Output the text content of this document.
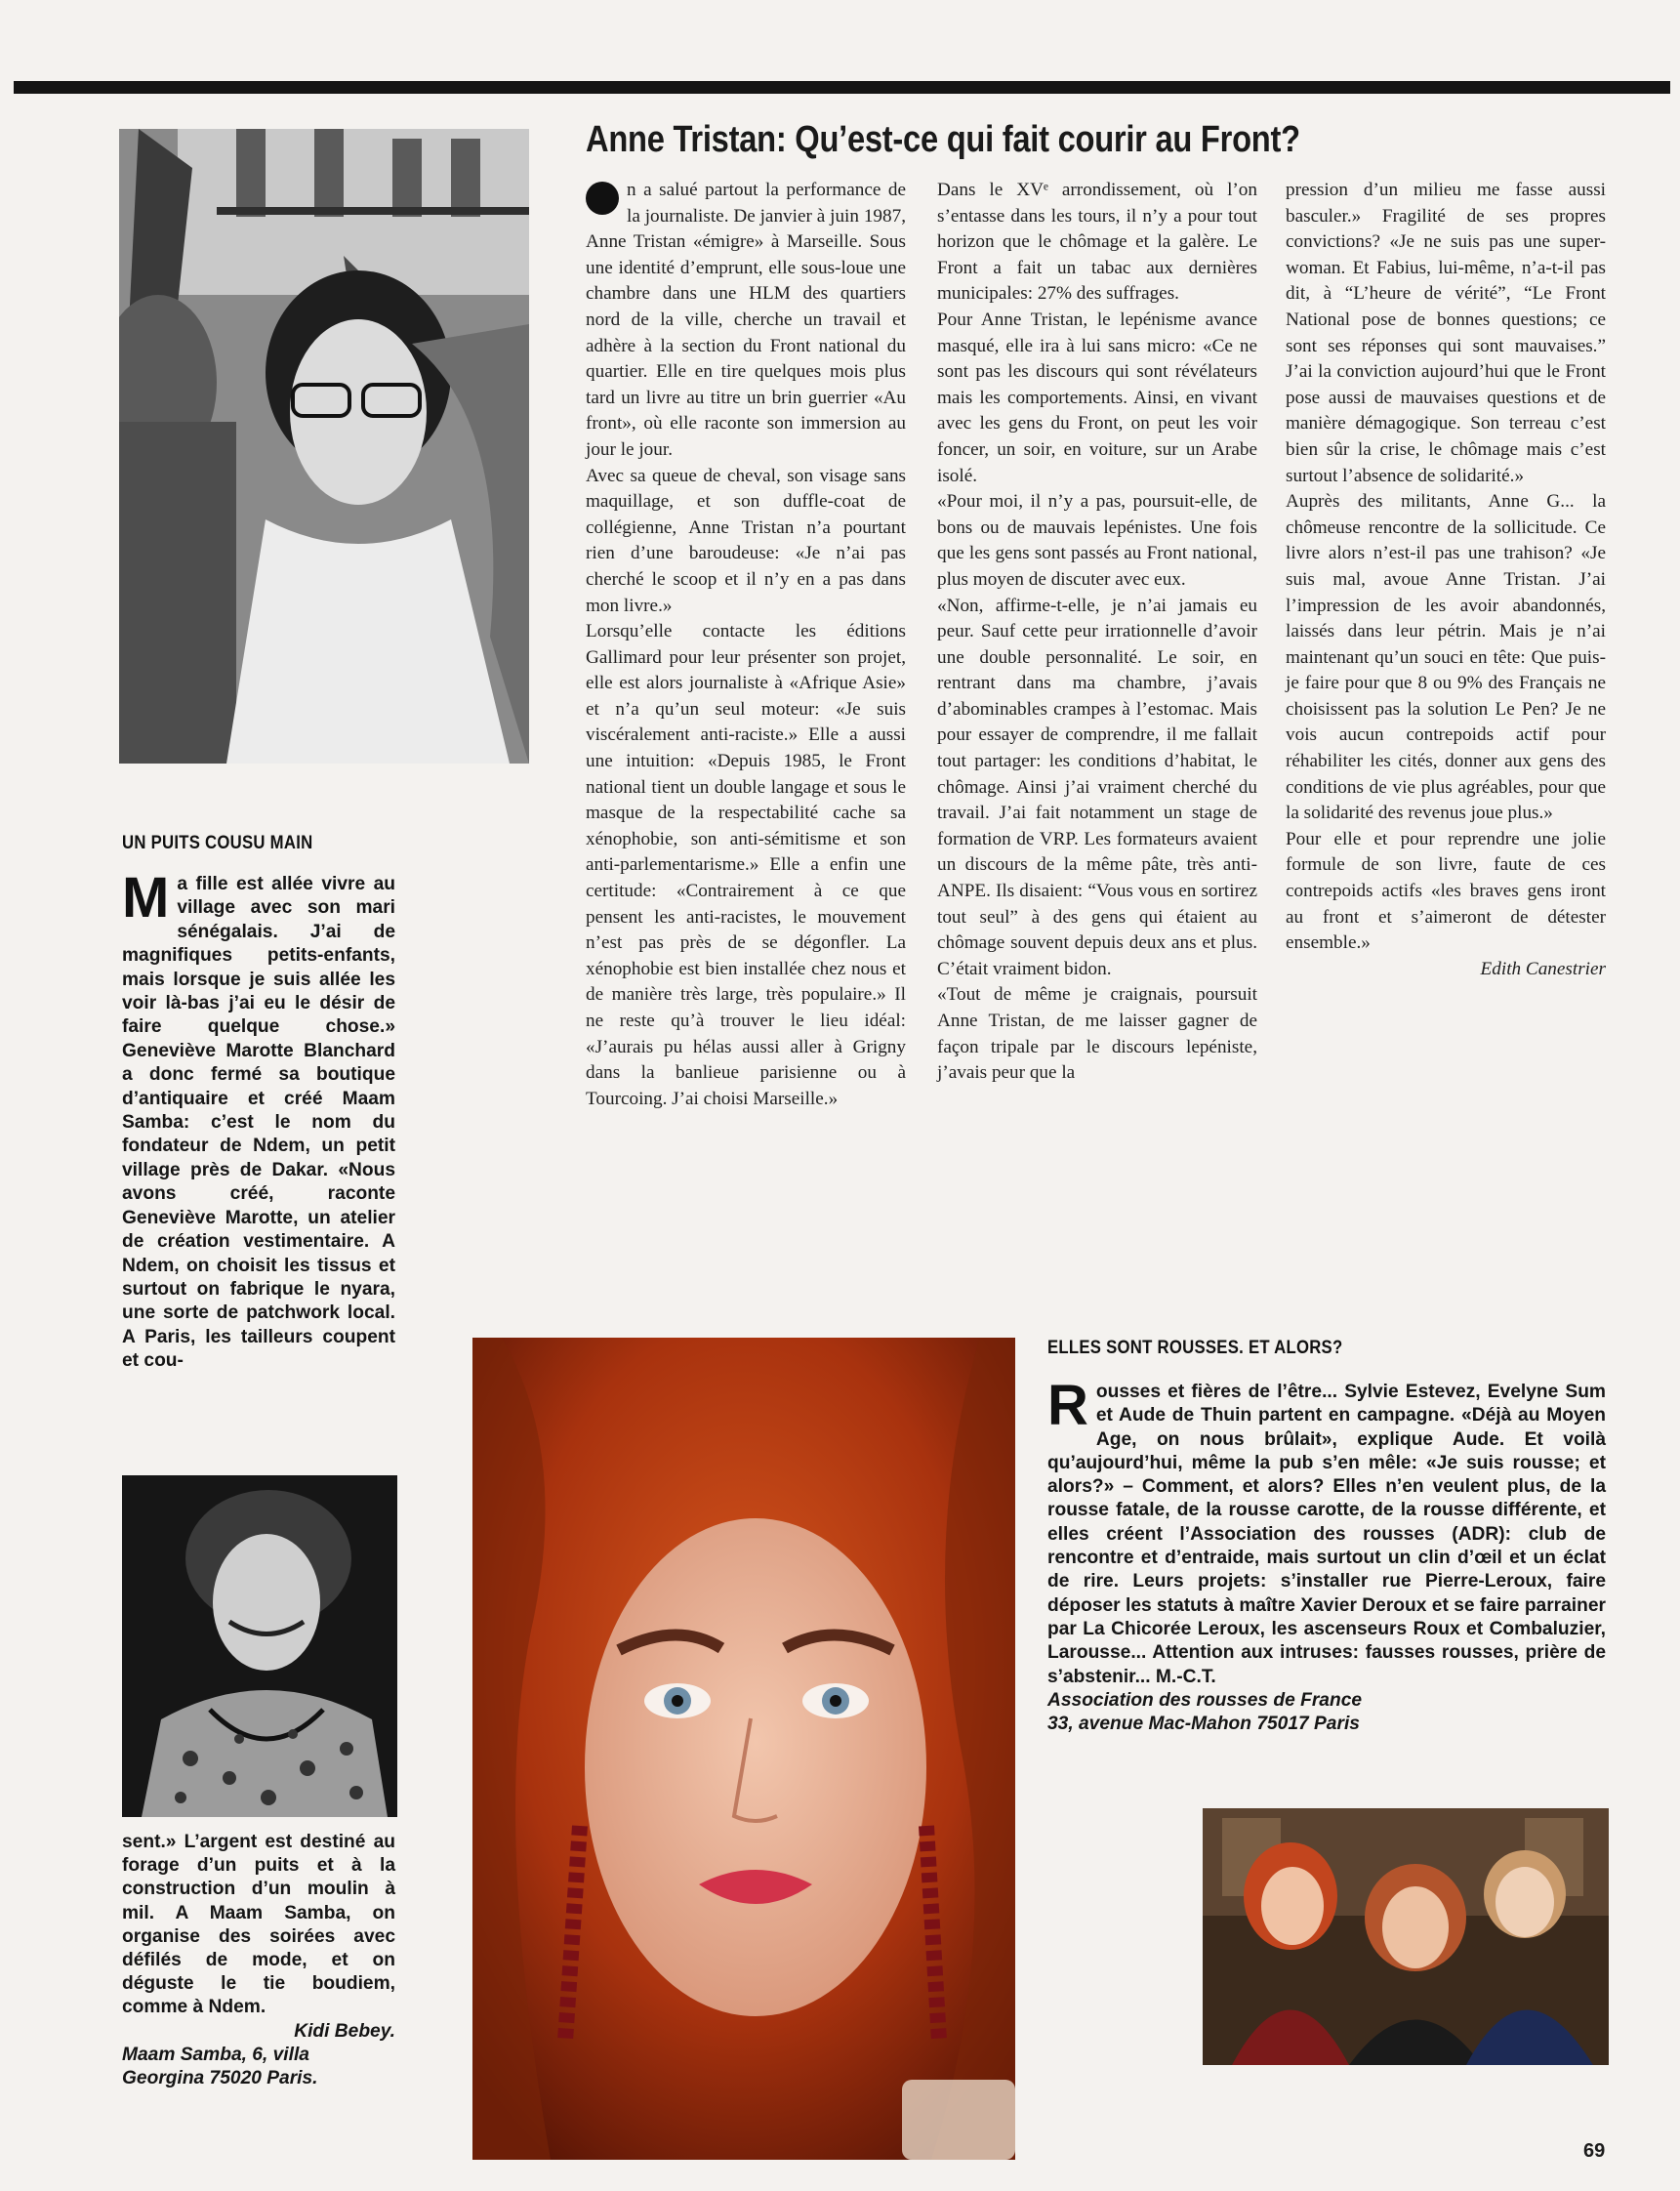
Anne Tristan: Qu’est-ce qui fait courir au Front?

n a salué partout la performance de la journaliste. De janvier à juin 1987, Anne Tristan «émigre» à Marseille. Sous une identité d’emprunt, elle sous-loue une chambre dans une HLM des quartiers nord de la ville, cherche un travail et adhère à la section du Front national du quartier. Elle en tire quelques mois plus tard un livre au titre un brin guerrier «Au front», où elle raconte son immersion au jour le jour.

Avec sa queue de cheval, son visage sans maquillage, et son duffle-coat de collégienne, Anne Tristan n’a pourtant rien d’une baroudeuse: «Je n’ai pas cherché le scoop et il n’y en a pas dans mon livre.»

Lorsqu’elle contacte les éditions Gallimard pour leur présenter son projet, elle est alors journaliste à «Afrique Asie» et n’a qu’un seul moteur: «Je suis viscéralement anti-raciste.» Elle a aussi une intuition: «Depuis 1985, le Front national tient un double langage et sous le masque de la respectabilité cache sa xénophobie, son anti-sémitisme et son anti-parlementarisme.» Elle a enfin une certitude: «Contrairement à ce que pensent les anti-racistes, le mouvement n’est pas près de se dégonfler. La xénophobie est bien installée chez nous et de manière très large, très populaire.» Il ne reste qu’à trouver le lieu idéal: «J’aurais pu hélas aussi aller à Grigny dans la banlieue parisienne ou à Tourcoing. J’ai choisi Marseille.»

Dans le XVᵉ arrondissement, où l’on s’entasse dans les tours, il n’y a pour tout horizon que le chômage et la galère. Le Front a fait un tabac aux dernières municipales: 27% des suffrages.

Pour Anne Tristan, le lepénisme avance masqué, elle ira à lui sans micro: «Ce ne sont pas les discours qui sont révélateurs mais les comportements. Ainsi, en vivant avec les gens du Front, on peut les voir foncer, un soir, en voiture, sur un Arabe isolé.

«Pour moi, il n’y a pas, poursuit-elle, de bons ou de mauvais lepénistes. Une fois que les gens sont passés au Front national, plus moyen de discuter avec eux.

«Non, affirme-t-elle, je n’ai jamais eu peur. Sauf cette peur irrationnelle d’avoir une double personnalité. Le soir, en rentrant dans ma chambre, j’avais d’abominables crampes à l’estomac. Mais pour essayer de comprendre, il me fallait tout partager: les conditions d’habitat, le chômage. Ainsi j’ai vraiment cherché du travail. J’ai fait notamment un stage de formation de VRP. Les formateurs avaient un discours de la même pâte, très anti-ANPE. Ils disaient: “Vous vous en sortirez tout seul” à des gens qui étaient au chômage souvent depuis deux ans et plus. C’était vraiment bidon.

«Tout de même je craignais, poursuit Anne Tristan, de me laisser gagner de façon tripale par le discours lepéniste, j’avais peur que la

pression d’un milieu me fasse aussi basculer.» Fragilité de ses propres convictions? «Je ne suis pas une super-woman. Et Fabius, lui-même, n’a-t-il pas dit, à “L’heure de vérité”, “Le Front National pose de bonnes questions; ce sont ses réponses qui sont mauvaises.” J’ai la conviction aujourd’hui que le Front pose aussi de mauvaises questions et de manière démagogique. Son terreau c’est bien sûr la crise, le chômage mais c’est surtout l’absence de solidarité.»

Auprès des militants, Anne G... la chômeuse rencontre de la sollicitude. Ce livre alors n’est-il pas une trahison? «Je suis mal, avoue Anne Tristan. J’ai l’impression de les avoir abandonnés, laissés dans leur pétrin. Mais je n’ai maintenant qu’un souci en tête: Que puis-je faire pour que 8 ou 9% des Français ne choisissent pas la solution Le Pen? Je ne vois aucun contrepoids actif pour réhabiliter les cités, donner aux gens des conditions de vie plus agréables, pour que la solidarité des revenus joue plus.»

Pour elle et pour reprendre une jolie formule de son livre, faute de ces contrepoids actifs «les braves gens iront au front et s’aimeront de détester ensemble.»

Edith Canestrier
UN PUITS COUSU MAIN

Ma fille est allée vivre au village avec son mari sénégalais. J’ai de magnifiques petits-enfants, mais lorsque je suis allée les voir là-bas j’ai eu le désir de faire quelque chose.» Geneviève Marotte Blanchard a donc fermé sa boutique d’antiquaire et créé Maam Samba: c’est le nom du fondateur de Ndem, un petit village près de Dakar. «Nous avons créé, raconte Geneviève Marotte, un atelier de création vestimentaire. A Ndem, on choisit les tissus et surtout on fabrique le nyara, une sorte de patchwork local. A Paris, les tailleurs coupent et cou-

sent.» L’argent est destiné au forage d’un puits et à la construction d’un moulin à mil. A Maam Samba, on organise des soirées avec défilés de mode, et on déguste le tie boudiem, comme à Ndem.

Kidi Bebey.

Maam Samba, 6, villa

Georgina 75020 Paris.

ELLES SONT ROUSSES. ET ALORS?

Rousses et fières de l’être... Sylvie Estevez, Evelyne Sum et Aude de Thuin partent en campagne. «Déjà au Moyen Age, on nous brûlait», explique Aude. Et voilà qu’aujourd’hui, même la pub s’en mêle: «Je suis rousse; et alors?» – Comment, et alors? Elles n’en veulent plus, de la rousse fatale, de la rousse carotte, de la rousse différente, et elles créent l’Association des rousses (ADR): club de rencontre et d’entraide, mais surtout un clin d’œil et un éclat de rire. Leurs projets: s’installer rue Pierre-Leroux, faire déposer les statuts à maître Xavier Deroux et se faire parrainer par La Chicorée Leroux, les ascenseurs Roux et Combaluzier, Larousse... Attention aux intruses: fausses rousses, prière de s’abstenir... M.-C.T.

Association des rousses de France

33, avenue Mac-Mahon 75017 Paris

69
